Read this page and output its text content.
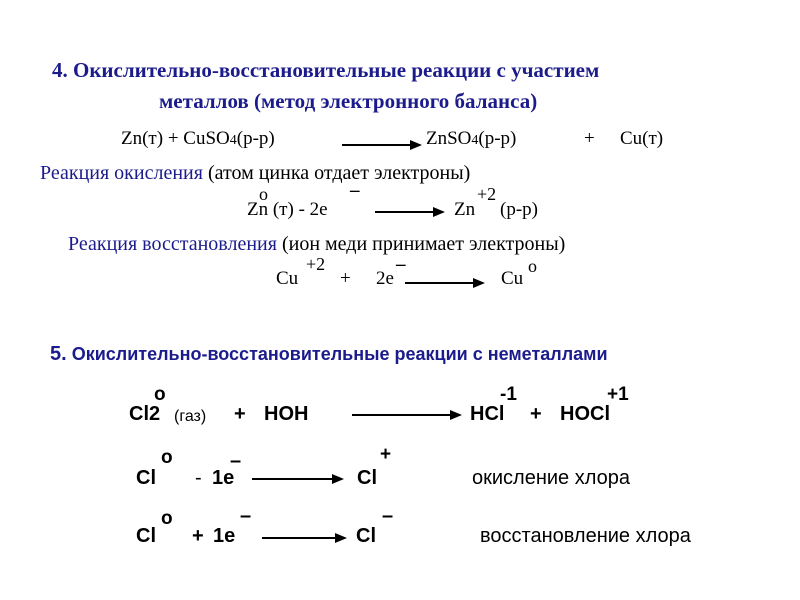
4. Окислительно-восстановительные реакции с участием
металлов (метод электронного баланса)
Zn(т) + CuSO4(р-р)	ZnSO4(р-р)	+ Cu(т)
Реакция окисления (атом цинка отдает электроны)
o
Zn (т) - 2e
–
Zn
+2
(р-р)
Реакция восстановления (ион меди принимает электроны)
Cu
+2
+ 2e
–
Cu
o
5. Окислительно-восстановительные реакции с неметаллами
o
Cl2 (газ) + HOH
-1
HCl +
+1
HOCl
o
Cl - 1e
–
Cl
+
окисление хлора
o
Cl + 1e
–
Cl
–
восстановление хлора
